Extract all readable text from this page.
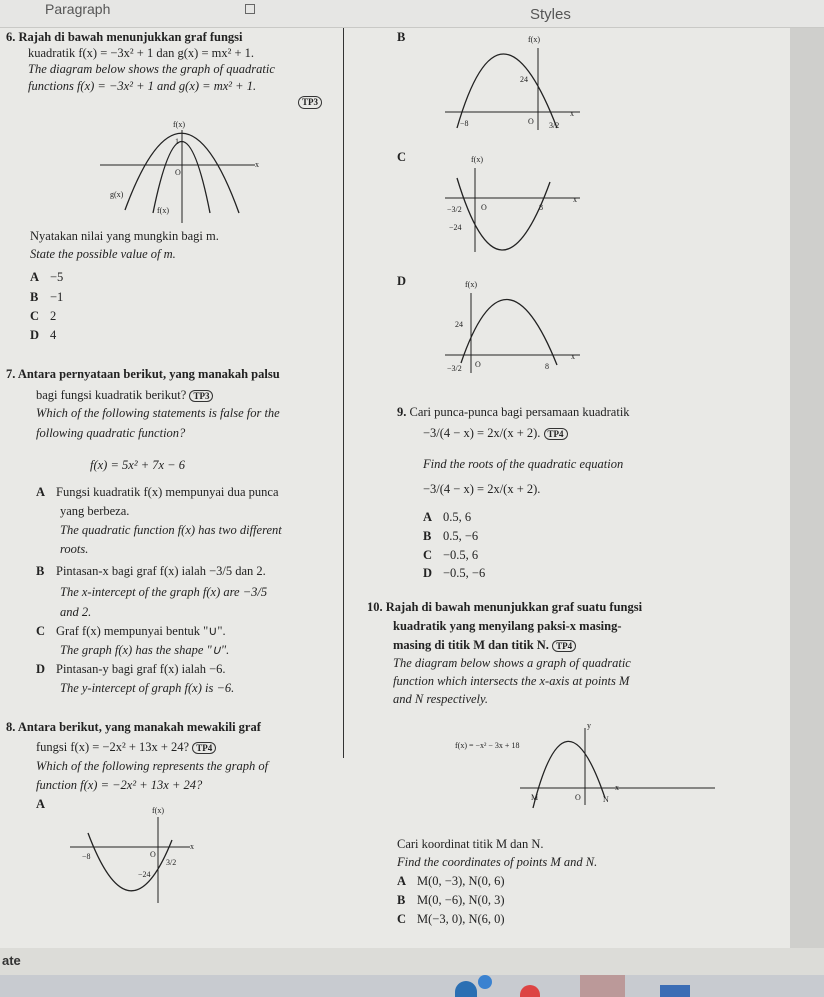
Paragraph	Styles
6. Rajah di bawah menunjukkan graf fungsi
kuadratik f(x) = −3x² + 1 dan g(x) = mx² + 1.
The diagram below shows the graph of quadratic
functions f(x) = −3x² + 1 and g(x) = mx² + 1.
TP3
f(x)
1
x
O
g(x)
f(x)
Nyatakan nilai yang mungkin bagi m.
State the possible value of m.
A −5
B −1
C 2
D 4
B	f(x)
24
−8	3/2
O
x
C	f(x)
−24
−3/2	8
O
x
D	f(x)
24
−3/2	8
O
x
7. Antara pernyataan berikut, yang manakah palsu
bagi fungsi kuadratik berikut? TP3
Which of the following statements is false for the
following quadratic function?
f(x) = 5x² + 7x − 6
A Fungsi kuadratik f(x) mempunyai dua punca
yang berbeza.
The quadratic function f(x) has two different
roots.
B Pintasan-x bagi graf f(x) ialah −3/5 dan 2.
The x-intercept of the graph f(x) are −3/5
and 2.
C Graf f(x) mempunyai bentuk "∪".
The graph f(x) has the shape "∪".
D Pintasan-y bagi graf f(x) ialah −6.
The y-intercept of graph f(x) is −6.
8. Antara berikut, yang manakah mewakili graf
fungsi f(x) = −2x² + 13x + 24? TP4
Which of the following represents the graph of
function f(x) = −2x² + 13x + 24?
A	f(x)
−24
−8
3/2
O
x
9. Cari punca-punca bagi persamaan kuadratik
−3/(4 − x) = 2x/(x + 2). TP4
Find the roots of the quadratic equation
−3/(4 − x) = 2x/(x + 2).
A 0.5, 6
B 0.5, −6
C −0.5, 6
D −0.5, −6
10. Rajah di bawah menunjukkan graf suatu fungsi
kuadratik yang menyilang paksi-x masing-
masing di titik M dan titik N. TP4
The diagram below shows a graph of quadratic
function which intersects the x-axis at points M
and N respectively.
f(x) = −x² − 3x + 18
y
x
M	O	N
Cari koordinat titik M dan N.
Find the coordinates of points M and N.
A M(0, −3), N(0, 6)
B M(0, −6), N(0, 3)
C M(−3, 0), N(6, 0)
ate
